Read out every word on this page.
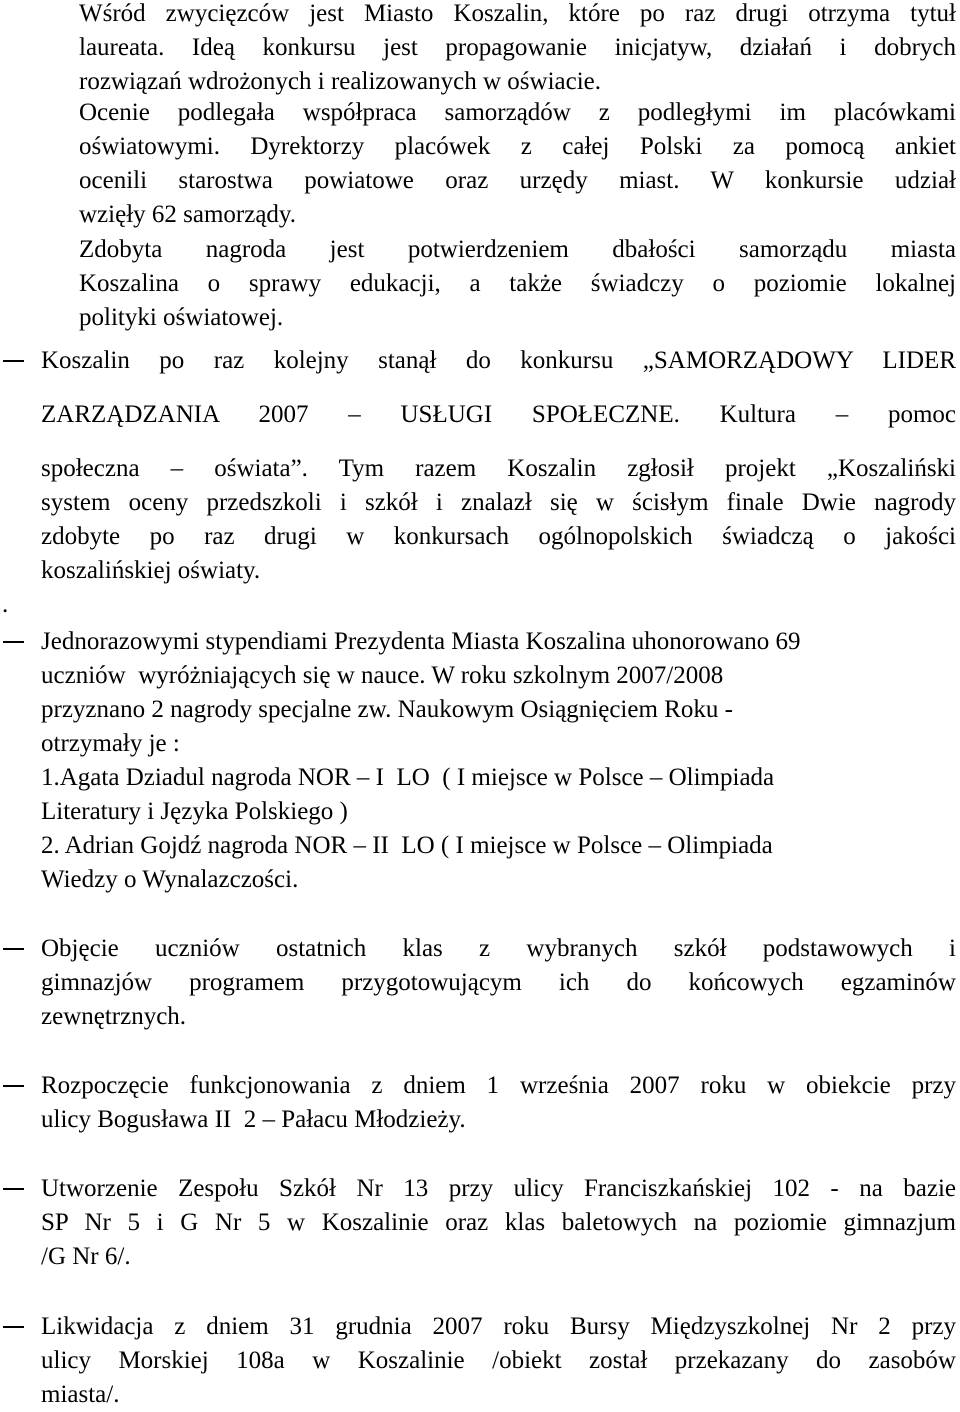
Wśród zwycięzców jest Miasto Koszalin, które po raz drugi otrzyma tytuł
laureata. Ideą konkursu jest propagowanie inicjatyw, działań i dobrych
rozwiązań wdrożonych i realizowanych w oświacie.
Ocenie podlegała współpraca samorządów z podległymi im placówkami
oświatowymi. Dyrektorzy placówek z całej Polski za pomocą ankiet
ocenili starostwa powiatowe oraz urzędy miast. W konkursie udział
wzięły 62 samorządy.
Zdobyta nagroda jest potwierdzeniem dbałości samorządu miasta
Koszalina o sprawy edukacji, a także świadczy o poziomie lokalnej
polityki oświatowej.
Koszalin po raz kolejny stanął do konkursu „SAMORZĄDOWY LIDER
ZARZĄDZANIA 2007 – USŁUGI SPOŁECZNE. Kultura – pomoc
społeczna – oświata”. Tym razem Koszalin zgłosił projekt „Koszaliński
system oceny przedszkoli i szkół i znalazł się w ścisłym finale Dwie nagrody
zdobyte po raz drugi w konkursach ogólnopolskich świadczą o jakości
koszalińskiej oświaty.
.
Jednorazowymi stypendiami Prezydenta Miasta Koszalina uhonorowano 69
uczniów  wyróżniających się w nauce. W roku szkolnym 2007/2008
przyznano 2 nagrody specjalne zw. Naukowym Osiągnięciem Roku -
otrzymały je :
1.Agata Dziadul nagroda NOR – I  LO  ( I miejsce w Polsce – Olimpiada
Literatury i Języka Polskiego )
2. Adrian Gojdź nagroda NOR – II  LO ( I miejsce w Polsce – Olimpiada
Wiedzy o Wynalazczości.
Objęcie uczniów ostatnich klas z wybranych szkół podstawowych i
gimnazjów programem przygotowującym ich do końcowych egzaminów
zewnętrznych.
Rozpoczęcie funkcjonowania z dniem 1 września 2007 roku w obiekcie przy
ulicy Bogusława II  2 – Pałacu Młodzieży.
Utworzenie Zespołu Szkół Nr 13 przy ulicy Franciszkańskiej 102 - na bazie
SP Nr 5 i G Nr 5 w Koszalinie oraz klas baletowych na poziomie gimnazjum
/G Nr 6/.
Likwidacja z dniem 31 grudnia 2007 roku Bursy Międzyszkolnej Nr 2 przy
ulicy Morskiej 108a w Koszalinie /obiekt został przekazany do zasobów
miasta/.
